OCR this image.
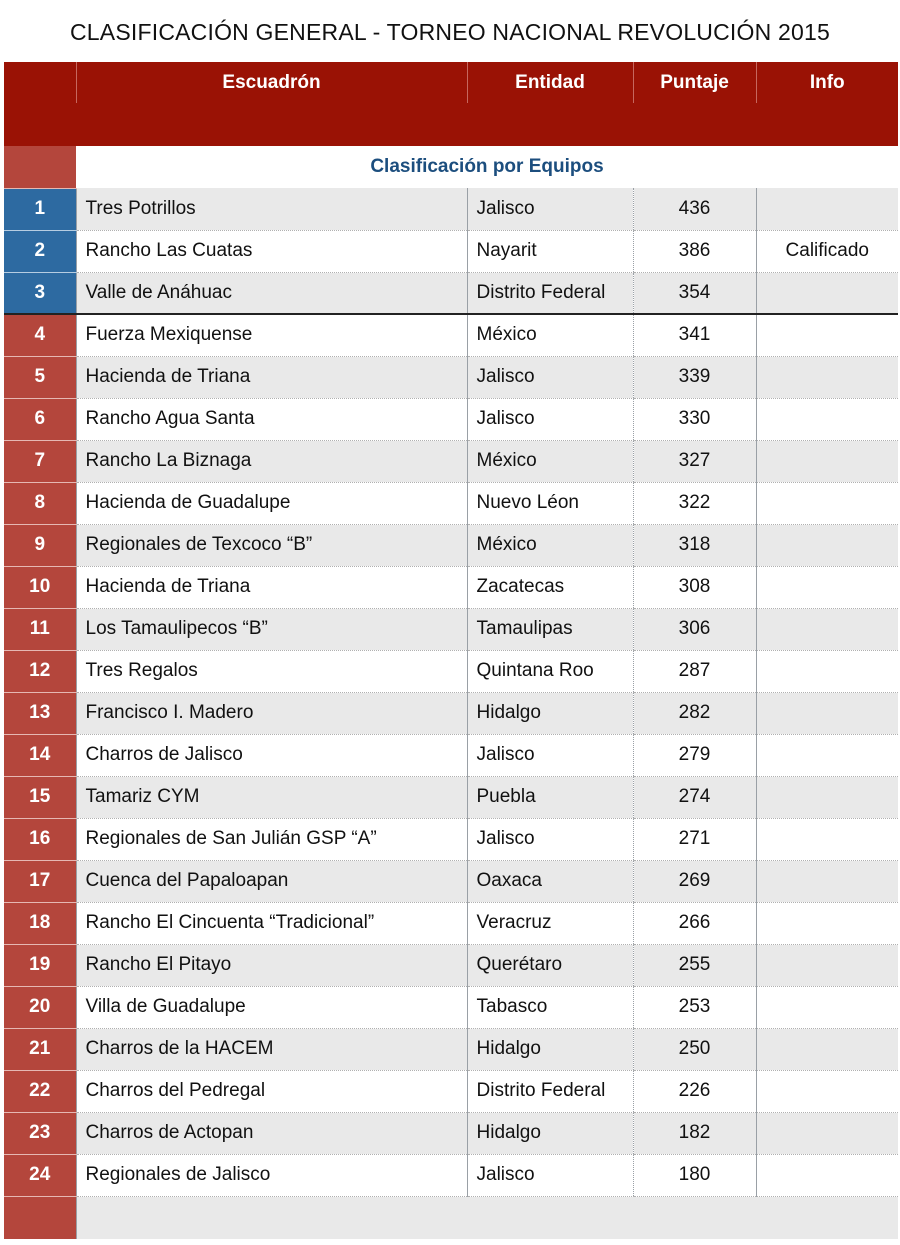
CLASIFICACIÓN GENERAL - TORNEO NACIONAL REVOLUCIÓN 2015
	Escuadrón	Entidad	Puntaje	Info

	Clasificación por Equipos			
1	Tres Potrillos	Jalisco	436	
2	Rancho Las Cuatas	Nayarit	386	Calificado
3	Valle de Anáhuac	Distrito Federal	354	
4	Fuerza Mexiquense	México	341	
5	Hacienda de Triana	Jalisco	339	
6	Rancho Agua Santa	Jalisco	330	
7	Rancho La Biznaga	México	327	
8	Hacienda de Guadalupe	Nuevo Léon	322	
9	Regionales de Texcoco “B”	México	318	
10	Hacienda de Triana	Zacatecas	308	
11	Los Tamaulipecos “B”	Tamaulipas	306	
12	Tres Regalos	Quintana Roo	287	
13	Francisco I. Madero	Hidalgo	282	
14	Charros de Jalisco	Jalisco	279	
15	Tamariz CYM	Puebla	274	
16	Regionales de San Julián GSP “A”	Jalisco	271	
17	Cuenca del Papaloapan	Oaxaca	269	
18	Rancho El Cincuenta “Tradicional”	Veracruz	266	
19	Rancho El Pitayo	Querétaro	255	
20	Villa de Guadalupe	Tabasco	253	
21	Charros de la HACEM	Hidalgo	250	
22	Charros del Pedregal	Distrito Federal	226	
23	Charros de Actopan	Hidalgo	182	
24	Regionales de Jalisco	Jalisco	180	
